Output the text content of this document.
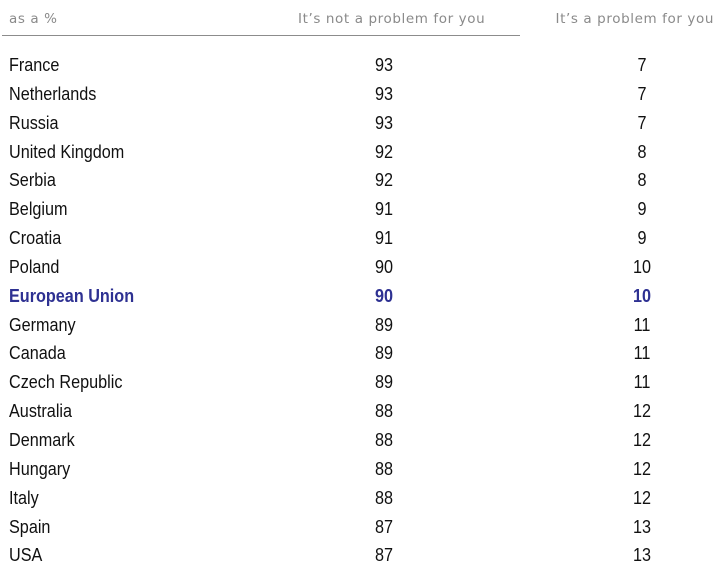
as a %	It’s not a problem for you	It’s a problem for you
France	93	7
Netherlands	93	7
Russia	93	7
United Kingdom	92	8
Serbia	92	8
Belgium	91	9
Croatia	91	9
Poland	90	10
European Union	90	10
Germany	89	11
Canada	89	11
Czech Republic	89	11
Australia	88	12
Denmark	88	12
Hungary	88	12
Italy	88	12
Spain	87	13
USA	87	13
